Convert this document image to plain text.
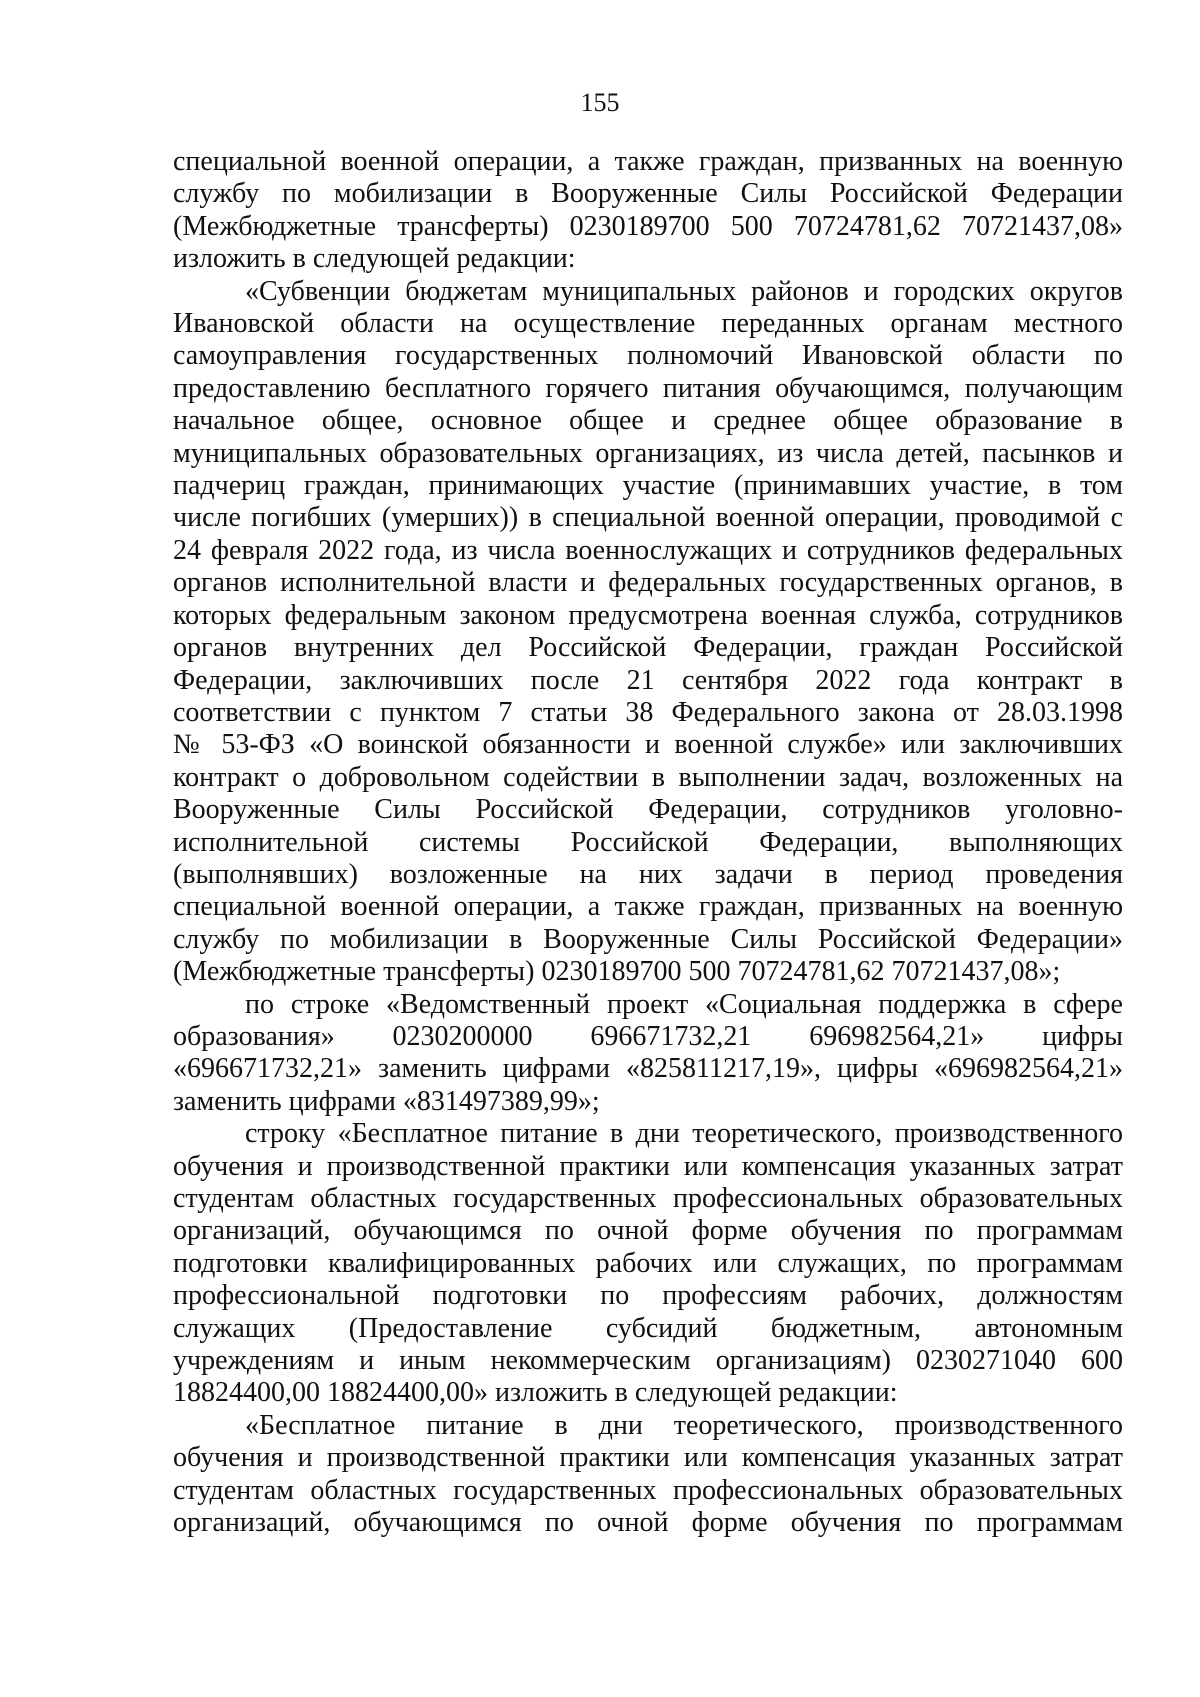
155

специальной военной операции, а также граждан, призванных на военную
службу по мобилизации в Вооруженные Силы Российской Федерации
(Межбюджетные трансферты) 0230189700 500 70724781,62 70721437,08»
изложить в следующей редакции:

«Субвенции бюджетам муниципальных районов и городских округов
Ивановской области на осуществление переданных органам местного
самоуправления государственных полномочий Ивановской области по
предоставлению бесплатного горячего питания обучающимся, получающим
начальное общее, основное общее и среднее общее образование в
муниципальных образовательных организациях, из числа детей, пасынков и
падчериц граждан, принимающих участие (принимавших участие, в том
числе погибших (умерших)) в специальной военной операции, проводимой с
24 февраля 2022 года, из числа военнослужащих и сотрудников федеральных
органов исполнительной власти и федеральных государственных органов, в
которых федеральным законом предусмотрена военная служба, сотрудников
органов внутренних дел Российской Федерации, граждан Российской
Федерации, заключивших после 21 сентября 2022 года контракт в
соответствии с пунктом 7 статьи 38 Федерального закона от 28.03.1998
№ 53-ФЗ «О воинской обязанности и военной службе» или заключивших
контракт о добровольном содействии в выполнении задач, возложенных на
Вооруженные Силы Российской Федерации, сотрудников уголовно-
исполнительной системы Российской Федерации, выполняющих
(выполнявших) возложенные на них задачи в период проведения
специальной военной операции, а также граждан, призванных на военную
службу по мобилизации в Вооруженные Силы Российской Федерации»
(Межбюджетные трансферты) 0230189700 500 70724781,62 70721437,08»;

по строке «Ведомственный проект «Социальная поддержка в сфере
образования» 0230200000 696671732,21 696982564,21» цифры
«696671732,21» заменить цифрами «825811217,19», цифры «696982564,21»
заменить цифрами «831497389,99»;

строку «Бесплатное питание в дни теоретического, производственного
обучения и производственной практики или компенсация указанных затрат
студентам областных государственных профессиональных образовательных
организаций, обучающимся по очной форме обучения по программам
подготовки квалифицированных рабочих или служащих, по программам
профессиональной подготовки по профессиям рабочих, должностям
служащих (Предоставление субсидий бюджетным, автономным
учреждениям и иным некоммерческим организациям) 0230271040 600
18824400,00 18824400,00» изложить в следующей редакции:

«Бесплатное питание в дни теоретического, производственного
обучения и производственной практики или компенсация указанных затрат
студентам областных государственных профессиональных образовательных
организаций, обучающимся по очной форме обучения по программам
